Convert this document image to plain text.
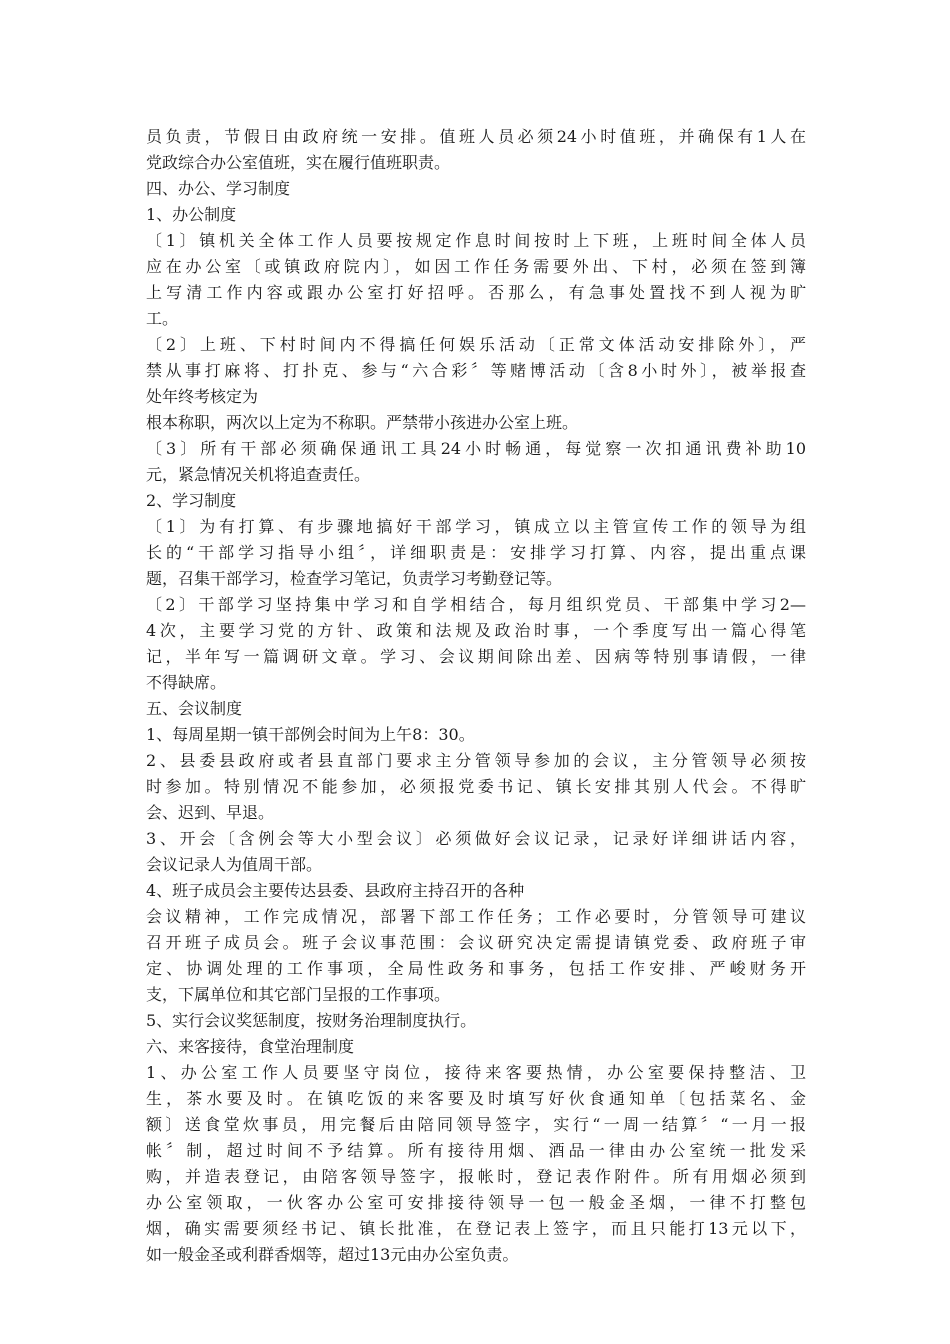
员负责，节假日由政府统一安排。值班人员必须24小时值班，并确保有1人在
党政综合办公室值班，实在履行值班职责。
四、办公、学习制度
1、办公制度
〔1〕镇机关全体工作人员要按规定作息时间按时上下班，上班时间全体人员
应在办公室〔或镇政府院内〕，如因工作任务需要外出、下村，必须在签到簿
上写清工作内容或跟办公室打好招呼。否那么，有急事处置找不到人视为旷
工。
〔2〕上班、下村时间内不得搞任何娱乐活动〔正常文体活动安排除外〕，严
禁从事打麻将、打扑克、参与“六合彩〞等赌博活动〔含8小时外〕，被举报查
处年终考核定为
根本称职，两次以上定为不称职。严禁带小孩进办公室上班。
〔3〕所有干部必须确保通讯工具24小时畅通，每觉察一次扣通讯费补助10
元，紧急情况关机将追查责任。
2、学习制度
〔1〕为有打算、有步骤地搞好干部学习，镇成立以主管宣传工作的领导为组
长的“干部学习指导小组〞，详细职责是：安排学习打算、内容，提出重点课
题，召集干部学习，检查学习笔记，负责学习考勤登记等。
〔2〕干部学习坚持集中学习和自学相结合，每月组织党员、干部集中学习2—
4次，主要学习党的方针、政策和法规及政治时事，一个季度写出一篇心得笔
记，半年写一篇调研文章。学习、会议期间除出差、因病等特别事请假，一律
不得缺席。
五、会议制度
1、每周星期一镇干部例会时间为上午8：30。
2、县委县政府或者县直部门要求主分管领导参加的会议，主分管领导必须按
时参加。特别情况不能参加，必须报党委书记、镇长安排其别人代会。不得旷
会、迟到、早退。
3、开会〔含例会等大小型会议〕必须做好会议记录，记录好详细讲话内容，
会议记录人为值周干部。
4、班子成员会主要传达县委、县政府主持召开的各种
会议精神，工作完成情况，部署下部工作任务；工作必要时，分管领导可建议
召开班子成员会。班子会议事范围：会议研究决定需提请镇党委、政府班子审
定、协调处理的工作事项，全局性政务和事务，包括工作安排、严峻财务开
支，下属单位和其它部门呈报的工作事项。
5、实行会议奖惩制度，按财务治理制度执行。
六、来客接待，食堂治理制度
1、办公室工作人员要坚守岗位，接待来客要热情，办公室要保持整洁、卫
生，茶水要及时。在镇吃饭的来客要及时填写好伙食通知单〔包括菜名、金
额〕送食堂炊事员，用完餐后由陪同领导签字，实行“一周一结算〞“一月一报
帐〞制，超过时间不予结算。所有接待用烟、酒品一律由办公室统一批发采
购，并造表登记，由陪客领导签字，报帐时，登记表作附件。所有用烟必须到
办公室领取，一伙客办公室可安排接待领导一包一般金圣烟，一律不打整包
烟，确实需要须经书记、镇长批准，在登记表上签字，而且只能打13元以下，
如一般金圣或利群香烟等，超过13元由办公室负责。
